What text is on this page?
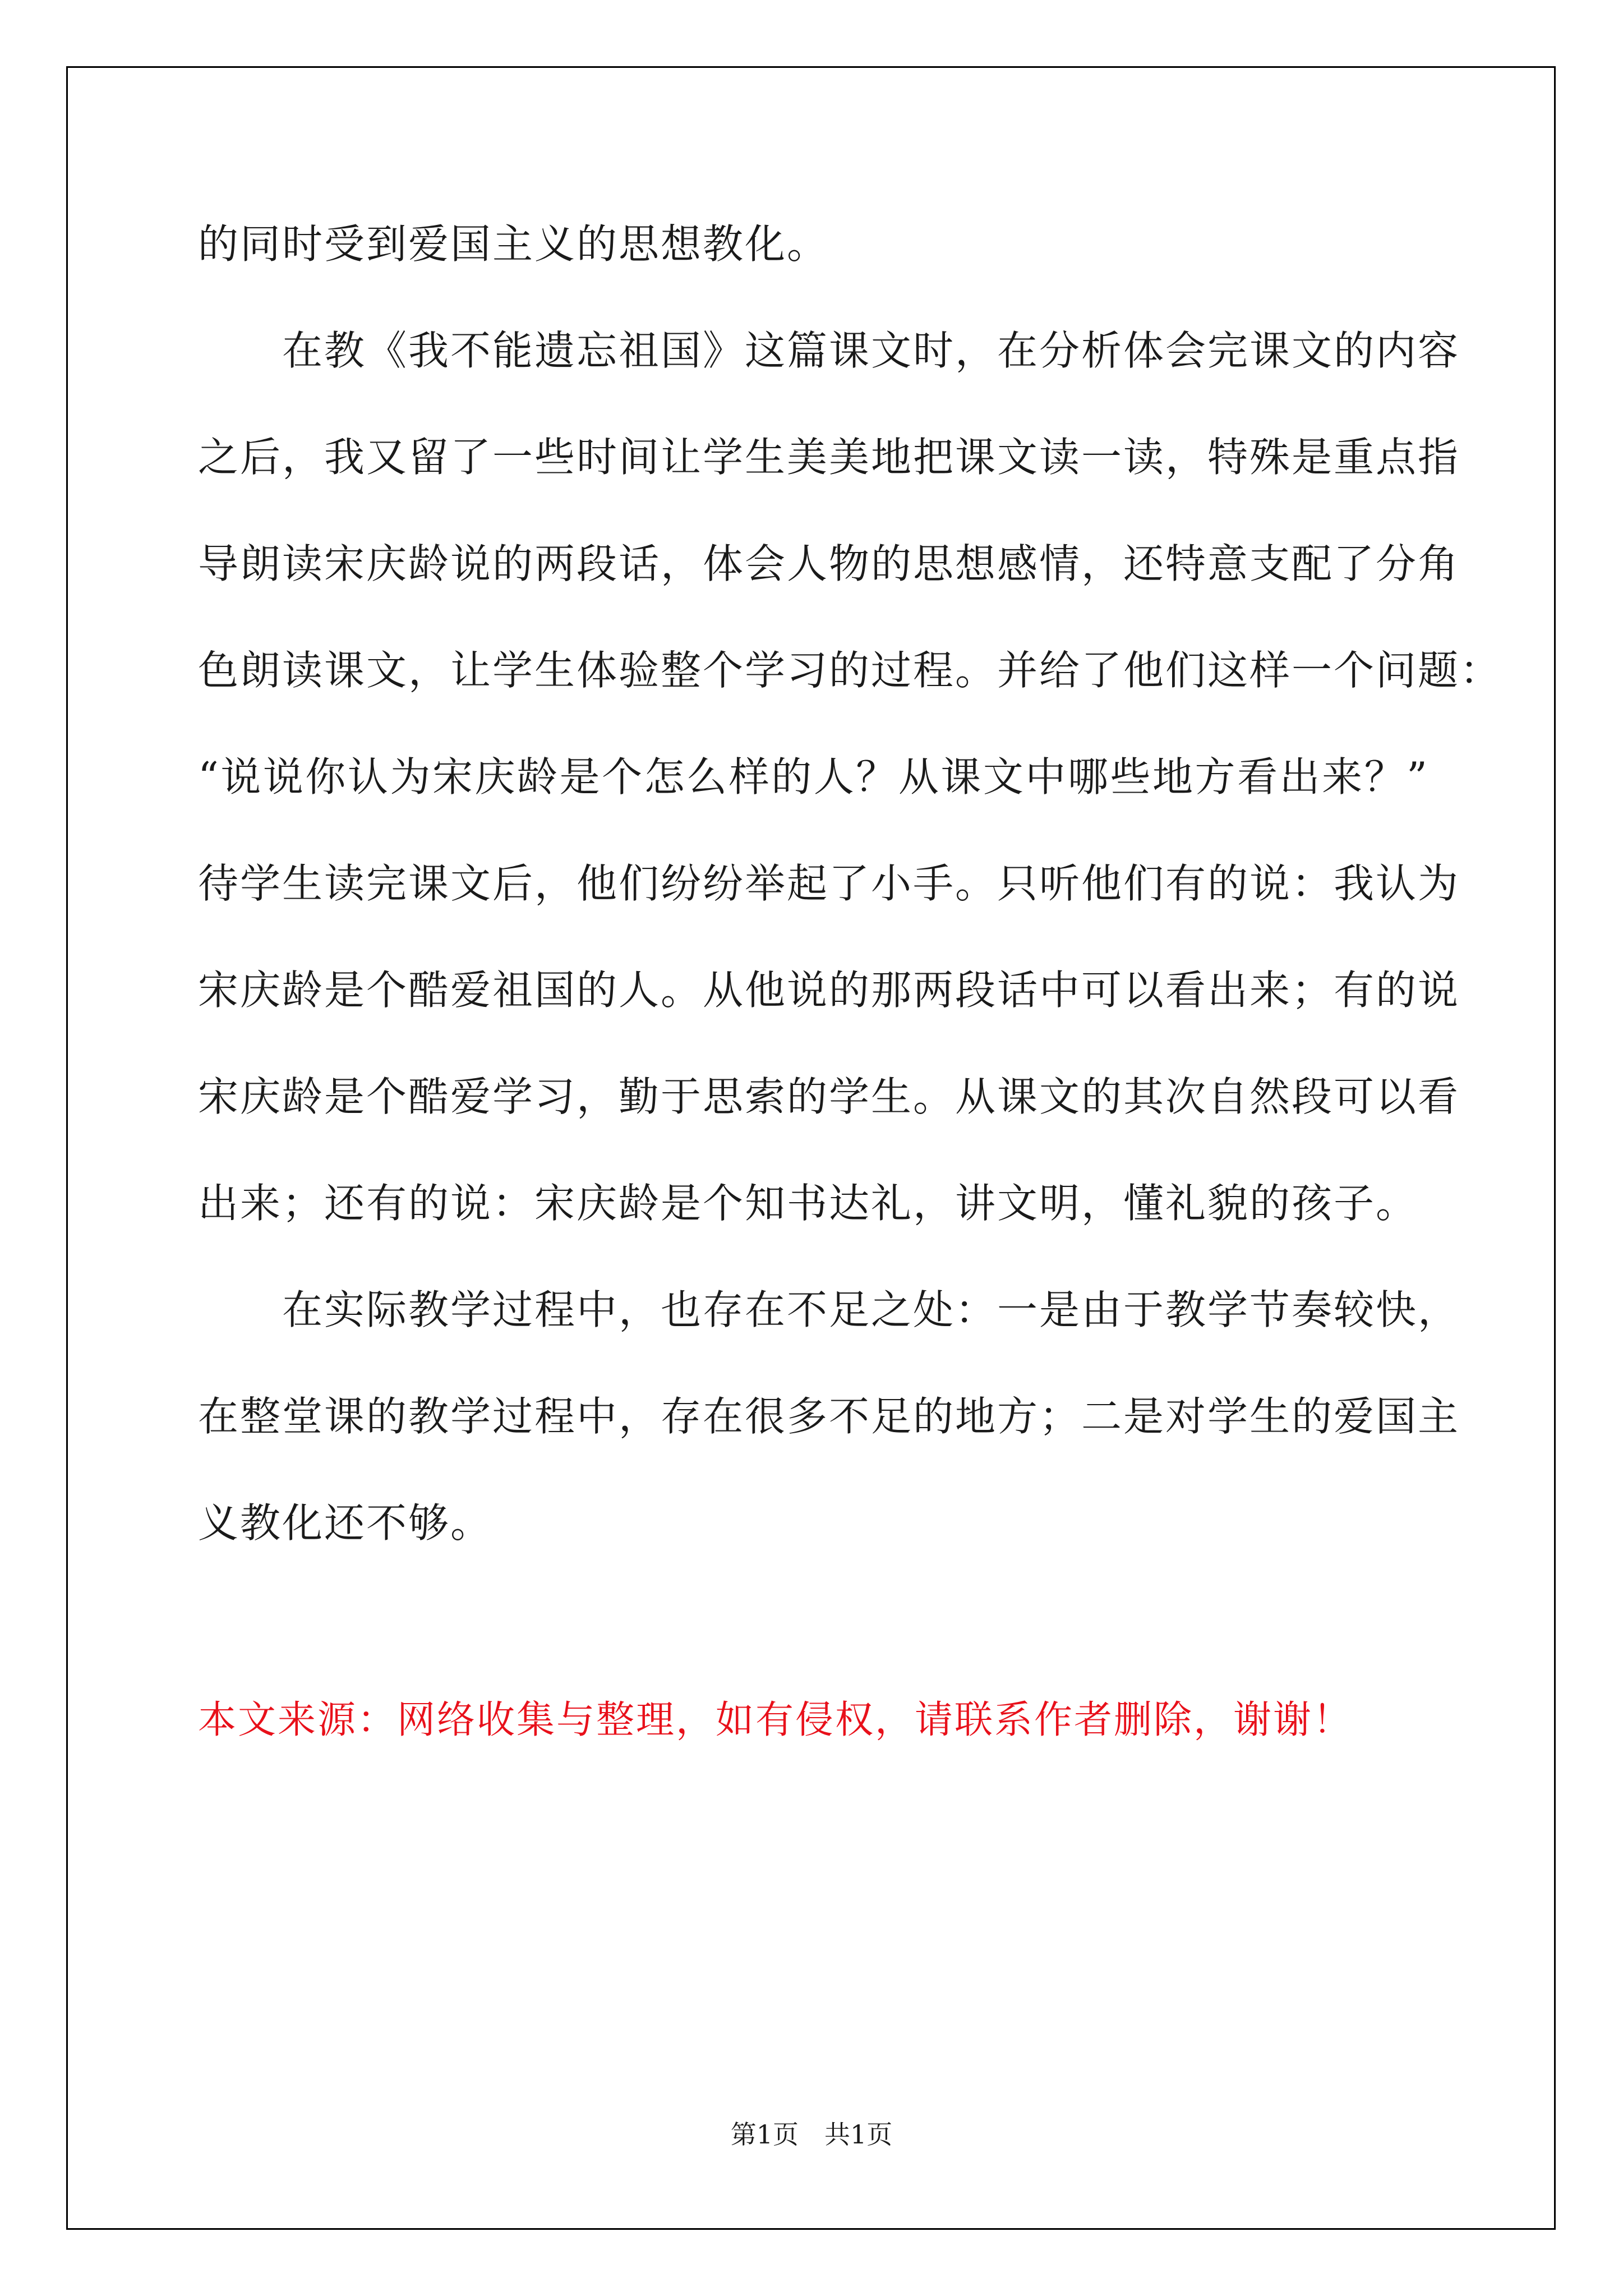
的同时受到爱国主义的思想教化。
在教《我不能遗忘祖国》这篇课文时，在分析体会完课文的内容
之后，我又留了一些时间让学生美美地把课文读一读，特殊是重点指
导朗读宋庆龄说的两段话，体会人物的思想感情，还特意支配了分角
色朗读课文，让学生体验整个学习的过程。并给了他们这样一个问题：
“说说你认为宋庆龄是个怎么样的人？从课文中哪些地方看出来？”
待学生读完课文后，他们纷纷举起了小手。只听他们有的说：我认为
宋庆龄是个酷爱祖国的人。从他说的那两段话中可以看出来；有的说
宋庆龄是个酷爱学习，勤于思索的学生。从课文的其次自然段可以看
出来；还有的说：宋庆龄是个知书达礼，讲文明，懂礼貌的孩子。
在实际教学过程中，也存在不足之处：一是由于教学节奏较快，
在整堂课的教学过程中，存在很多不足的地方；二是对学生的爱国主
义教化还不够。
本文来源：网络收集与整理，如有侵权，请联系作者删除，谢谢！
第1页　共1页
